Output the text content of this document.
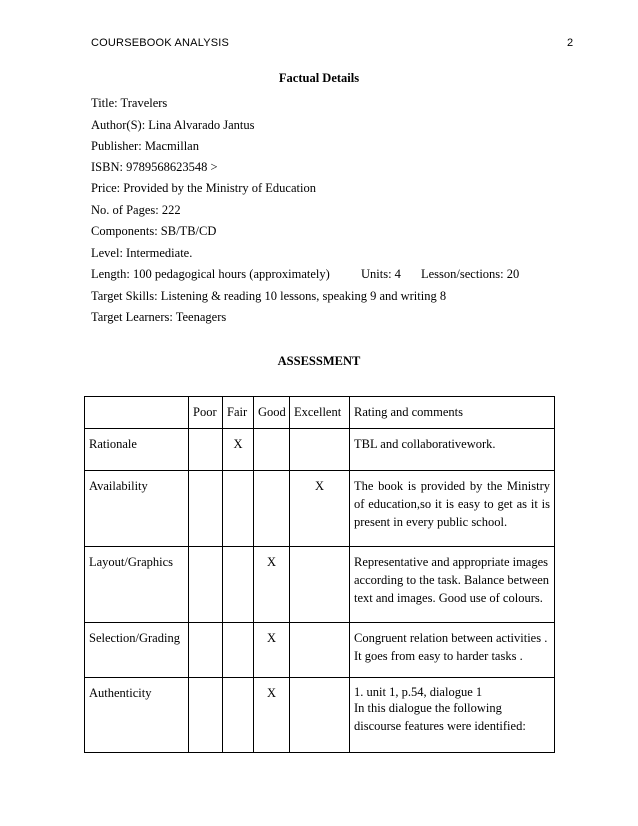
COURSEBOOK ANALYSIS	2
Factual Details
Title: Travelers
Author(S): Lina Alvarado Jantus
Publisher: Macmillan
ISBN: 9789568623548 >
Price: Provided by the Ministry of Education
No. of Pages: 222
Components: SB/TB/CD
Level: Intermediate.
Length: 100 pedagogical hours (approximately) Units: 4 Lesson/sections: 20
Target Skills: Listening & reading 10 lessons, speaking 9 and writing 8
Target Learners: Teenagers
ASSESSMENT
	Poor	Fair	Good	Excellent	Rating and comments
Rationale		X			TBL and collaborativework.

Availability				X	The book is provided by the Ministry
of education,so it is easy to get as it is
present in every public school.

Layout/Graphics			X		Representative and appropriate images
according to the task. Balance between
text and images. Good use of colours.

Selection/Grading			X		Congruent relation between activities .
It goes from easy to harder tasks .

Authenticity			X		1. unit 1, p.54, dialogue 1
In this dialogue the following
discourse features were identified:
